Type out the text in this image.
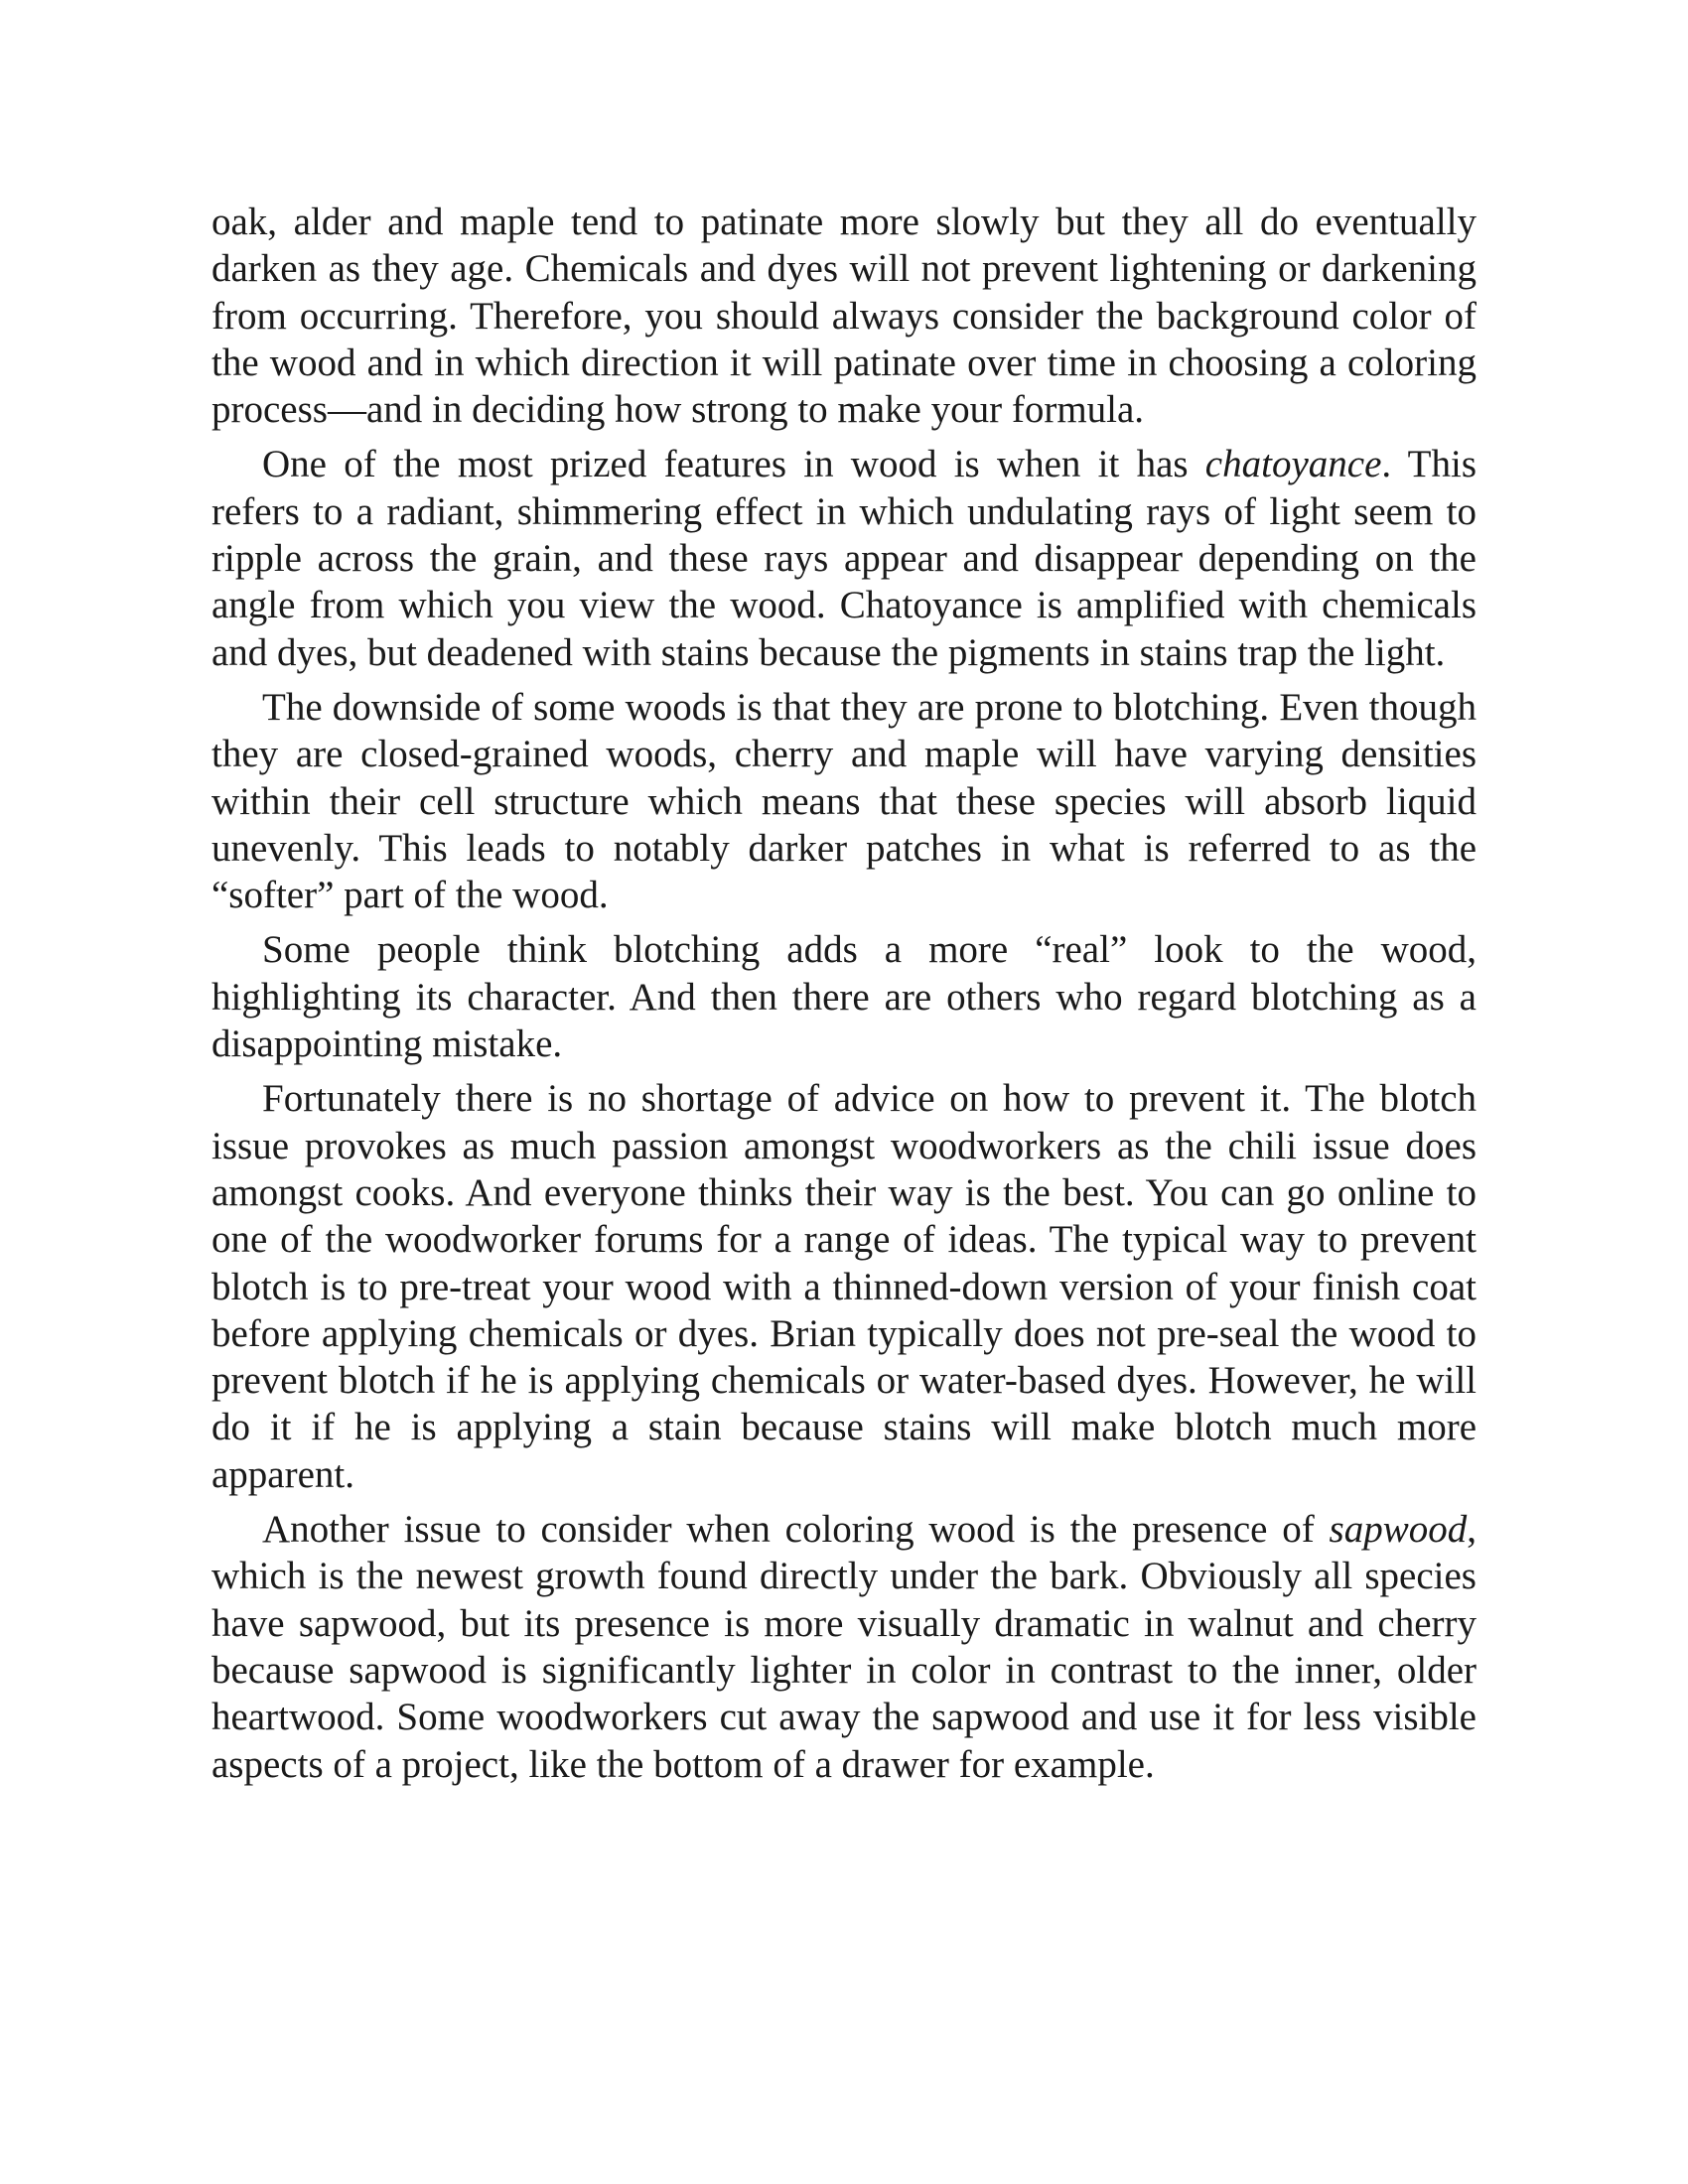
oak, alder and maple tend to patinate more slowly but they all do eventually darken as they age. Chemicals and dyes will not prevent lightening or darkening from occurring. Therefore, you should always consider the background color of the wood and in which direction it will patinate over time in choosing a coloring process—and in deciding how strong to make your formula.

One of the most prized features in wood is when it has chatoyance. This refers to a radiant, shimmering effect in which undulating rays of light seem to ripple across the grain, and these rays appear and disappear depending on the angle from which you view the wood. Chatoyance is amplified with chemicals and dyes, but deadened with stains because the pigments in stains trap the light.

The downside of some woods is that they are prone to blotching. Even though they are closed-grained woods, cherry and maple will have varying densities within their cell structure which means that these species will absorb liquid unevenly. This leads to notably darker patches in what is referred to as the “softer” part of the wood.

Some people think blotching adds a more “real” look to the wood, highlighting its character. And then there are others who regard blotching as a disappointing mistake.

Fortunately there is no shortage of advice on how to prevent it. The blotch issue provokes as much passion amongst woodworkers as the chili issue does amongst cooks. And everyone thinks their way is the best. You can go online to one of the woodworker forums for a range of ideas. The typical way to prevent blotch is to pre-treat your wood with a thinned-down version of your finish coat before applying chemicals or dyes. Brian typically does not pre-seal the wood to prevent blotch if he is applying chemicals or water-based dyes. However, he will do it if he is applying a stain because stains will make blotch much more apparent.

Another issue to consider when coloring wood is the presence of sapwood, which is the newest growth found directly under the bark. Obviously all species have sapwood, but its presence is more visually dramatic in walnut and cherry because sapwood is significantly lighter in color in contrast to the inner, older heartwood. Some woodworkers cut away the sapwood and use it for less visible aspects of a project, like the bottom of a drawer for example.
